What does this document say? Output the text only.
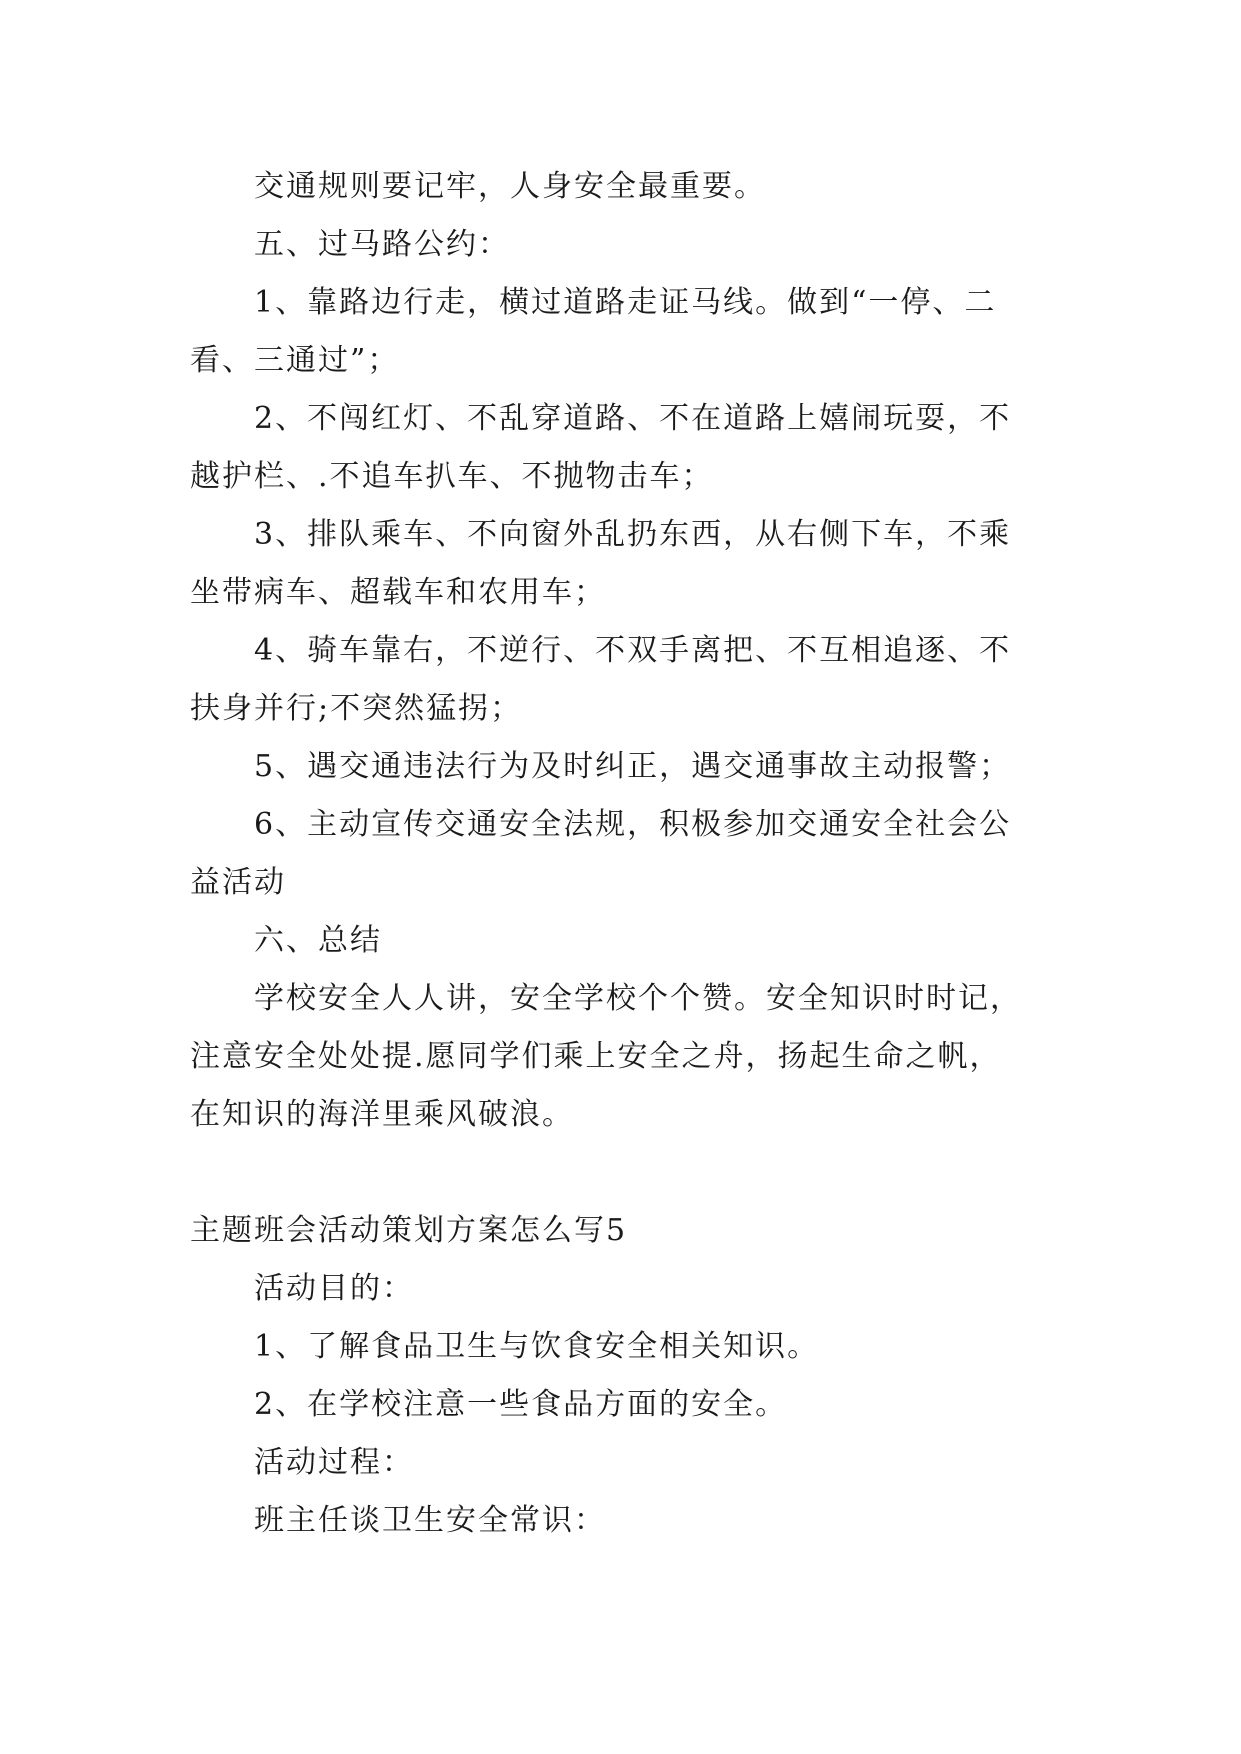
交通规则要记牢，人身安全最重要。
五、过马路公约：
1、靠路边行走，横过道路走证马线。做到“一停、二
看、三通过”；
2、不闯红灯、不乱穿道路、不在道路上嬉闹玩耍，不
越护栏、.不追车扒车、不抛物击车；
3、排队乘车、不向窗外乱扔东西，从右侧下车，不乘
坐带病车、超载车和农用车；
4、骑车靠右，不逆行、不双手离把、不互相追逐、不
扶身并行;不突然猛拐；
5、遇交通违法行为及时纠正，遇交通事故主动报警；
6、主动宣传交通安全法规，积极参加交通安全社会公
益活动
六、总结
学校安全人人讲，安全学校个个赞。安全知识时时记，
注意安全处处提.愿同学们乘上安全之舟，扬起生命之帆，
在知识的海洋里乘风破浪。
主题班会活动策划方案怎么写5
活动目的：
1、了解食品卫生与饮食安全相关知识。
2、在学校注意一些食品方面的安全。
活动过程：
班主任谈卫生安全常识：
